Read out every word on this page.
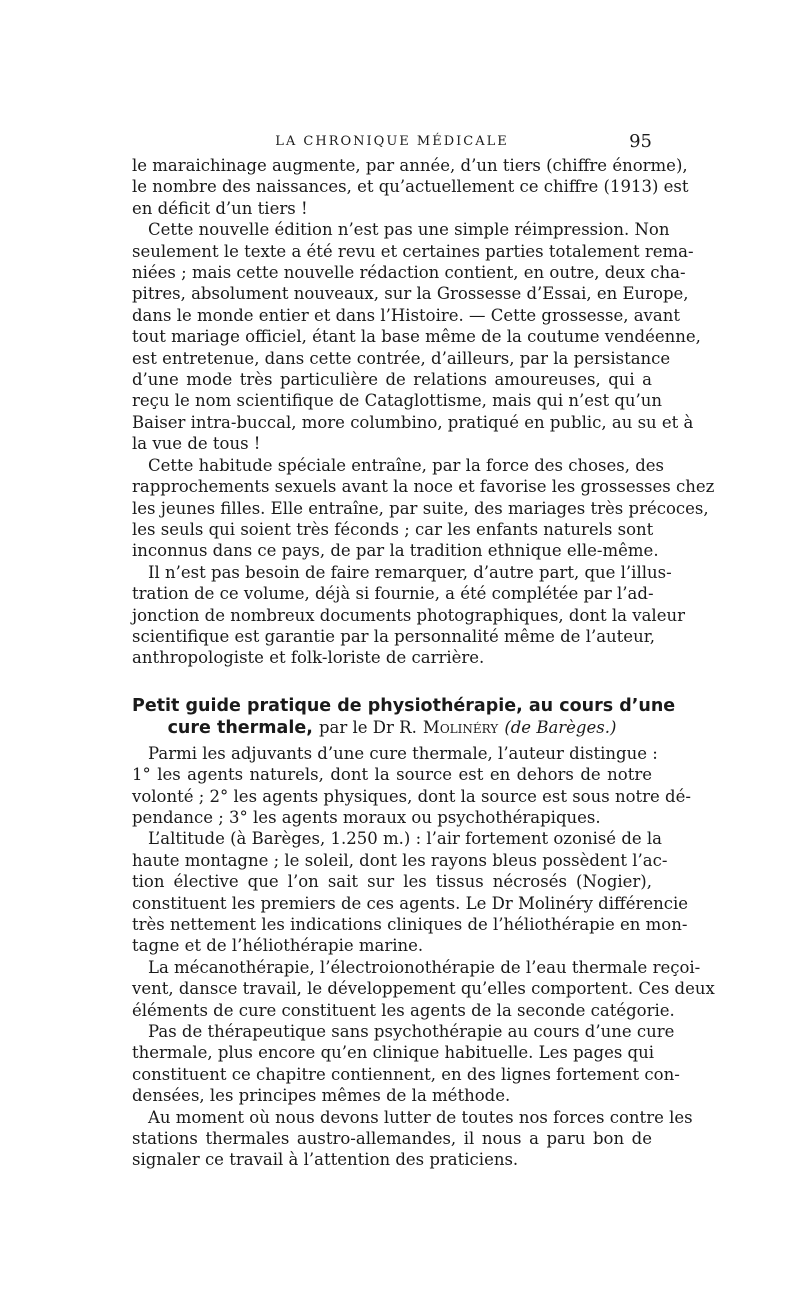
LA CHRONIQUE MÉDICALE	95
le maraichinage augmente, par année, d’un tiers (chiffre énorme),
le nombre des naissances, et qu’actuellement ce chiffre (1913) est
en déficit d’un tiers !
Cette nouvelle édition n’est pas une simple réimpression. Non
seulement le texte a été revu et certaines parties totalement rema-
niées ; mais cette nouvelle rédaction contient, en outre, deux cha-
pitres, absolument nouveaux, sur la Grossesse d’Essai, en Europe,
dans le monde entier et dans l’Histoire. — Cette grossesse, avant
tout mariage officiel, étant la base même de la coutume vendéenne,
est entretenue, dans cette contrée, d’ailleurs, par la persistance
d’une mode très particulière de relations amoureuses, qui a
reçu le nom scientifique de Cataglottisme, mais qui n’est qu’un
Baiser intra-buccal, more columbino, pratiqué en public, au su et à
la vue de tous !
Cette habitude spéciale entraîne, par la force des choses, des
rapprochements sexuels avant la noce et favorise les grossesses chez
les jeunes filles. Elle entraîne, par suite, des mariages très précoces,
les seuls qui soient très féconds ; car les enfants naturels sont
inconnus dans ce pays, de par la tradition ethnique elle-même.
Il n’est pas besoin de faire remarquer, d’autre part, que l’illus-
tration de ce volume, déjà si fournie, a été complétée par l’ad-
jonction de nombreux documents photographiques, dont la valeur
scientifique est garantie par la personnalité même de l’auteur,
anthropologiste et folk-loriste de carrière.
Petit guide pratique de physiothérapie, au cours d’une
cure thermale, par le Dr R. Molinéry (de Barèges.)
Parmi les adjuvants d’une cure thermale, l’auteur distingue :
1° les agents naturels, dont la source est en dehors de notre
volonté ; 2° les agents physiques, dont la source est sous notre dé-
pendance ; 3° les agents moraux ou psychothérapiques.
L’altitude (à Barèges, 1.250 m.) : l’air fortement ozonisé de la
haute montagne ; le soleil, dont les rayons bleus possèdent l’ac-
tion élective que l’on sait sur les tissus nécrosés (Nogier),
constituent les premiers de ces agents. Le Dr Molinéry différencie
très nettement les indications cliniques de l’héliothérapie en mon-
tagne et de l’héliothérapie marine.
La mécanothérapie, l’électroionothérapie de l’eau thermale reçoi-
vent, dansce travail, le développement qu’elles comportent. Ces deux
éléments de cure constituent les agents de la seconde catégorie.
Pas de thérapeutique sans psychothérapie au cours d’une cure
thermale, plus encore qu’en clinique habituelle. Les pages qui
constituent ce chapitre contiennent, en des lignes fortement con-
densées, les principes mêmes de la méthode.
Au moment où nous devons lutter de toutes nos forces contre les
stations thermales austro-allemandes, il nous a paru bon de
signaler ce travail à l’attention des praticiens.
